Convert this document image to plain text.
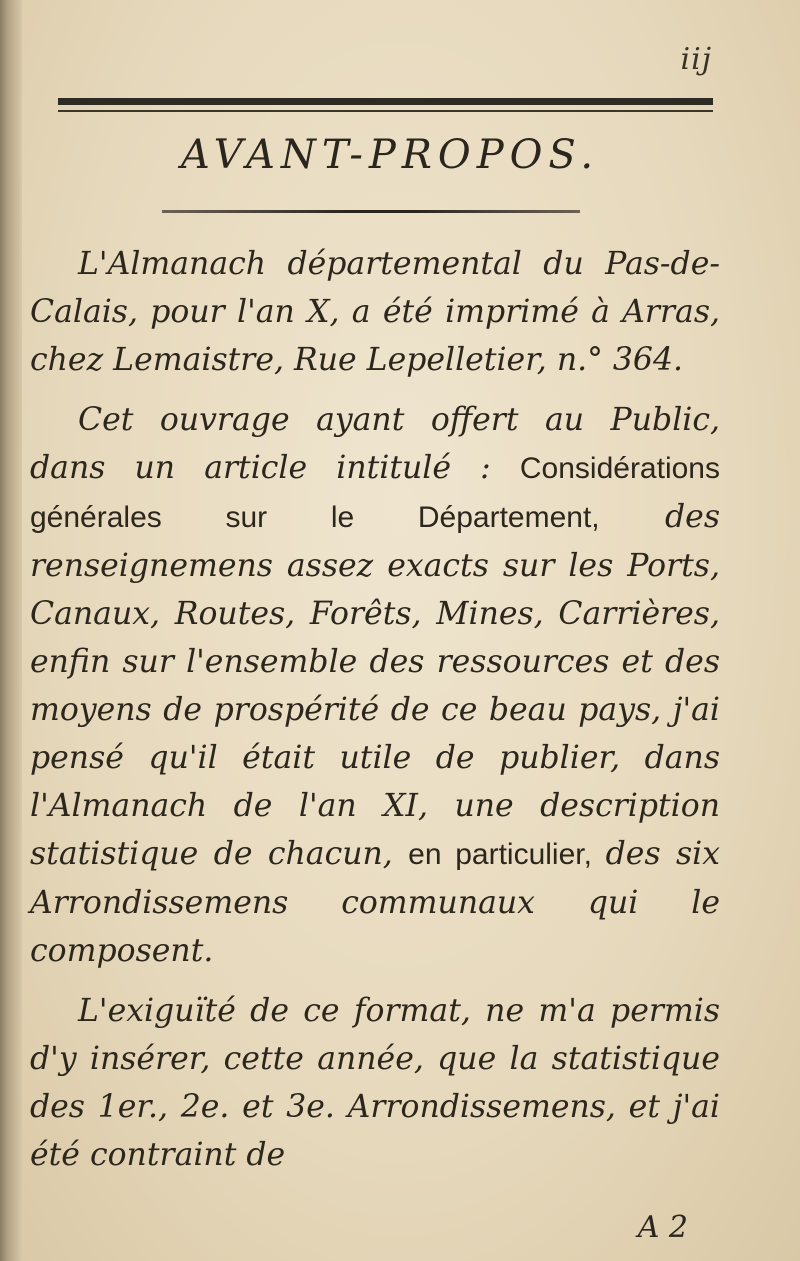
iij
AVANT-PROPOS.

L'Almanach départemental du Pas-de-Calais, pour l'an X, a été imprimé à Arras, chez Lemaistre, Rue Lepelletier, n.° 364.

Cet ouvrage ayant offert au Public, dans un article intitulé : Considérations générales sur le Département, des renseignemens assez exacts sur les Ports, Canaux, Routes, Forêts, Mines, Carrières, enfin sur l'ensemble des ressources et des moyens de prospérité de ce beau pays, j'ai pensé qu'il était utile de publier, dans l'Almanach de l'an XI, une description statistique de chacun, en particulier, des six Arrondissemens communaux qui le composent.

L'exiguïté de ce format, ne m'a permis d'y insérer, cette année, que la statistique des 1er., 2e. et 3e. Arrondissemens, et j'ai été contraint de

A 2
